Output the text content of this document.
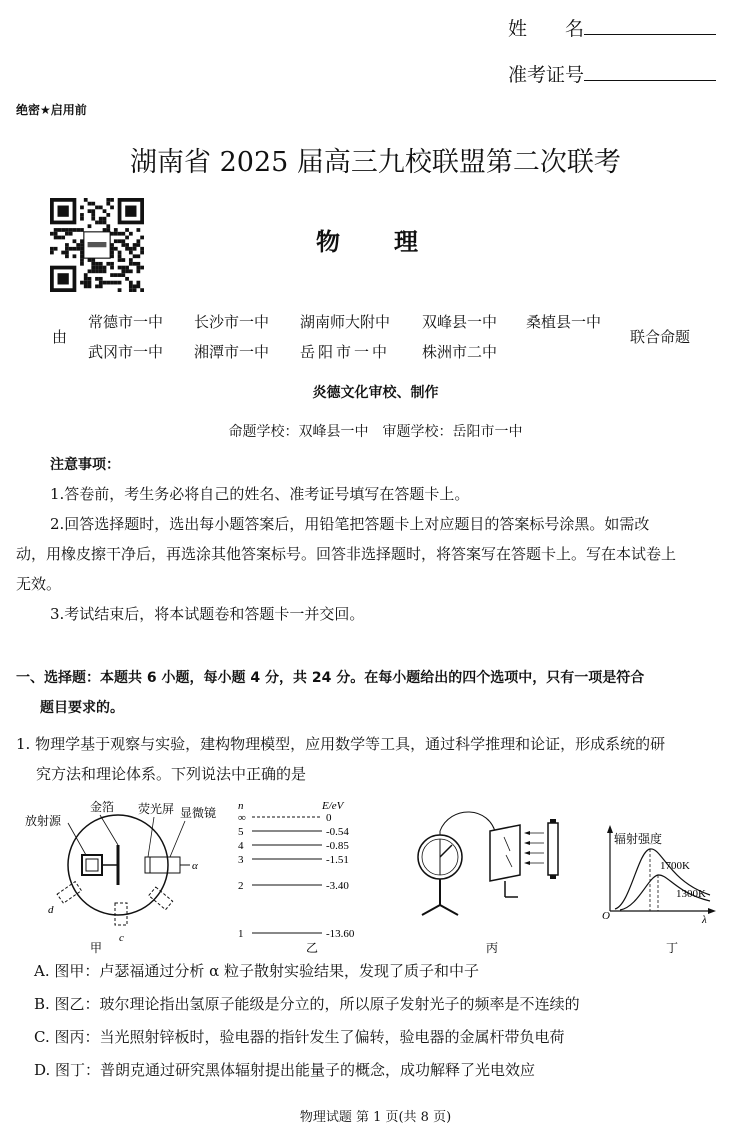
姓　　名
准考证号
绝密★启用前
湖南省 2025 届高三九校联盟第二次联考
物　　理
由
常德市一中 长沙市一中 湖南师大附中 双峰县一中 桑植县一中
武冈市一中 湘潭市一中 岳阳市一中 株洲市二中
联合命题
炎德文化审校、制作
命题学校：双峰县一中　审题学校：岳阳市一中
注意事项：
1.答卷前，考生务必将自己的姓名、准考证号填写在答题卡上。
2.回答选择题时，选出每小题答案后，用铅笔把答题卡上对应题目的答案标号涂黑。如需改
动，用橡皮擦干净后，再选涂其他答案标号。回答非选择题时，将答案写在答题卡上。写在本试卷上
无效。
3.考试结束后，将本试题卷和答题卡一并交回。
一、选择题：本题共 6 小题，每小题 4 分，共 24 分。在每小题给出的四个选项中，只有一项是符合
题目要求的。
1. 物理学基于观察与实验，建构物理模型，应用数学等工具，通过科学推理和论证，形成系统的研
究方法和理论体系。下列说法中正确的是
放射源
金箔 荧光屏 显微镜
α
d
c
甲
n	E/eV
∞	0
5	-0.54
4	-0.85
3	-1.51
2	-3.40
1	-13.60
乙	丙
辐射强度
1700K
1300K
O	λ
丁
A. 图甲：卢瑟福通过分析 α 粒子散射实验结果，发现了质子和中子
B. 图乙：玻尔理论指出氢原子能级是分立的，所以原子发射光子的频率是不连续的
C. 图丙：当光照射锌板时，验电器的指针发生了偏转，验电器的金属杆带负电荷
D. 图丁：普朗克通过研究黑体辐射提出能量子的概念，成功解释了光电效应
物理试题 第 1 页(共 8 页)
